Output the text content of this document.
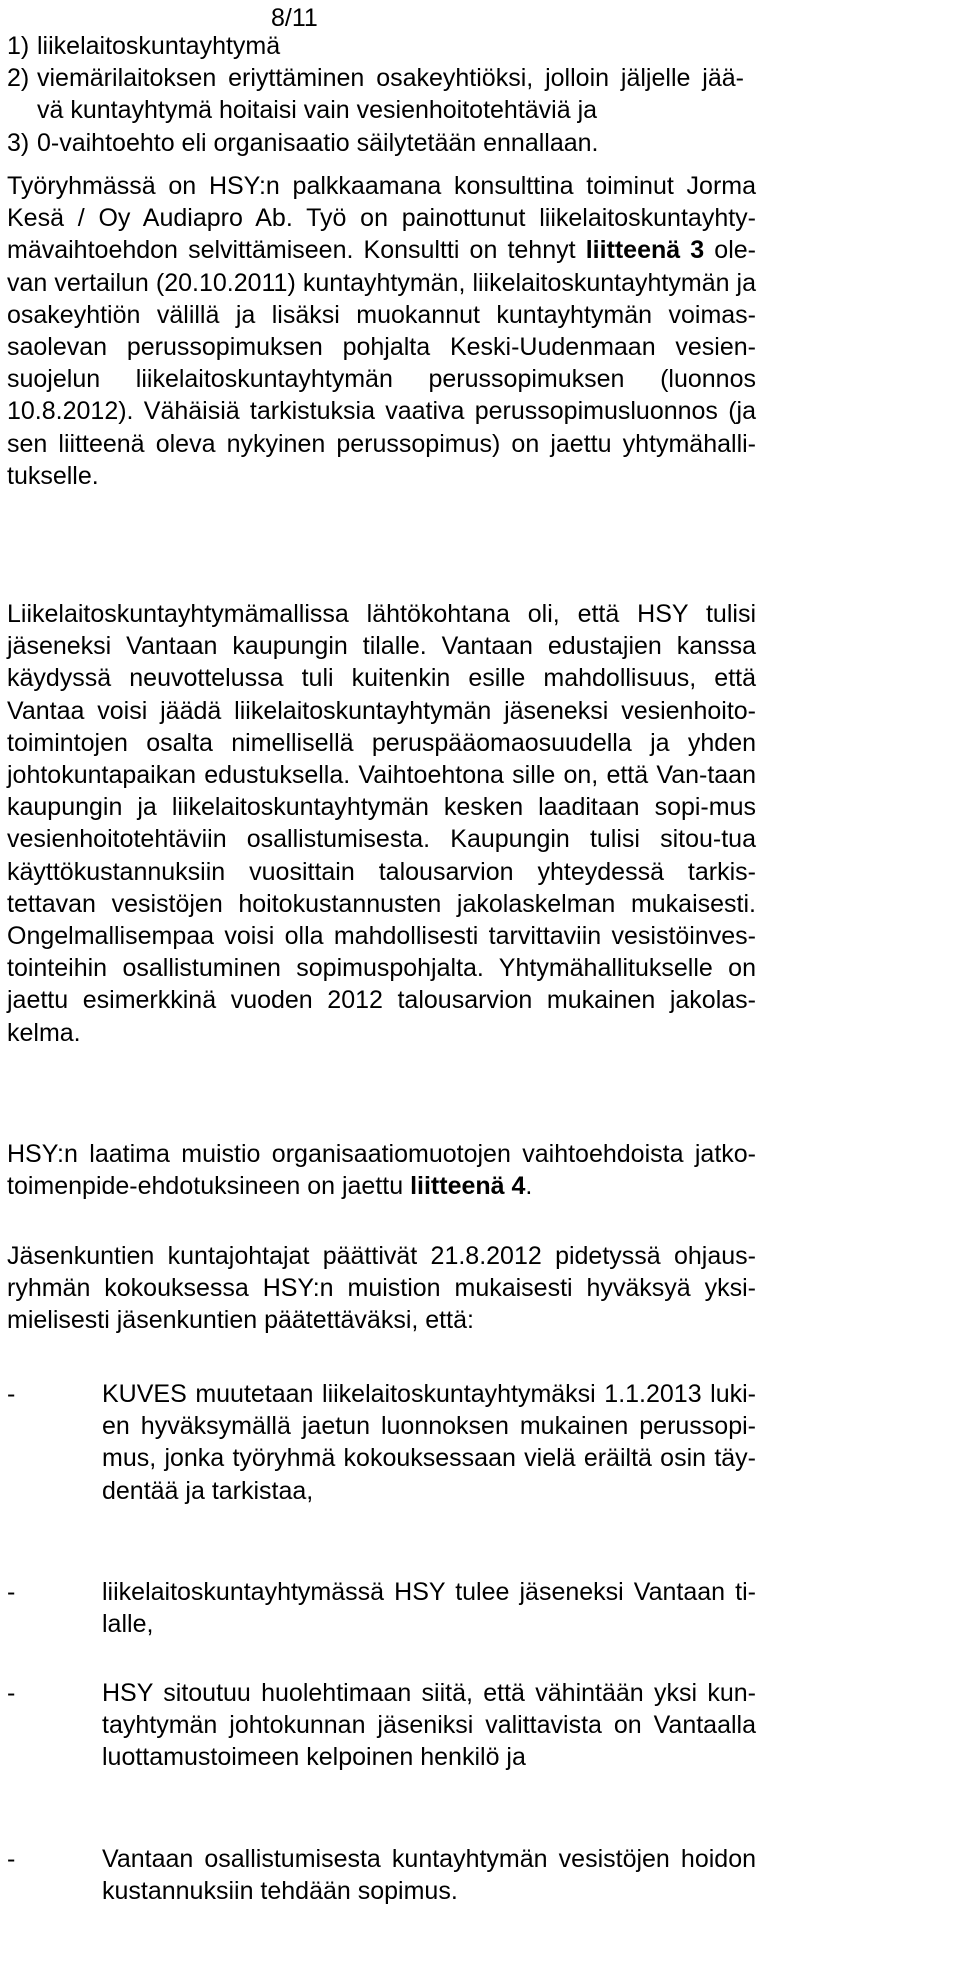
8/11
1) liikelaitoskuntayhtymä
2) viemärilaitoksen eriyttäminen osakeyhtiöksi, jolloin jäljelle jää-vä kuntayhtymä hoitaisi vain vesienhoitotehtäviä ja
3) 0-vaihtoehto eli organisaatio säilytetään ennallaan.

Työryhmässä on HSY:n palkkaamana konsulttina toiminut Jorma Kesä / Oy Audiapro Ab. Työ on painottunut liikelaitoskuntayhty-mävaihtoehdon selvittämiseen. Konsultti on tehnyt liitteenä 3 ole-van vertailun (20.10.2011) kuntayhtymän, liikelaitoskuntayhtymän ja osakeyhtiön välillä ja lisäksi muokannut kuntayhtymän voimas-saolevan perussopimuksen pohjalta Keski-Uudenmaan vesien-suojelun liikelaitoskuntayhtymän perussopimuksen (luonnos 10.8.2012). Vähäisiä tarkistuksia vaativa perussopimusluonnos (ja sen liitteenä oleva nykyinen perussopimus) on jaettu yhtymähalli-tukselle.

Liikelaitoskuntayhtymämallissa lähtökohtana oli, että HSY tulisi jäseneksi Vantaan kaupungin tilalle. Vantaan edustajien kanssa käydyssä neuvottelussa tuli kuitenkin esille mahdollisuus, että Vantaa voisi jäädä liikelaitoskuntayhtymän jäseneksi vesienhoito-toimintojen osalta nimellisellä peruspääomaosuudella ja yhden johtokuntapaikan edustuksella. Vaihtoehtona sille on, että Van-taan kaupungin ja liikelaitoskuntayhtymän kesken laaditaan sopi-mus vesienhoitotehtäviin osallistumisesta. Kaupungin tulisi sitou-tua käyttökustannuksiin vuosittain talousarvion yhteydessä tarkis-tettavan vesistöjen hoitokustannusten jakolaskelman mukaisesti. Ongelmallisempaa voisi olla mahdollisesti tarvittaviin vesistöinves-tointeihin osallistuminen sopimuspohjalta. Yhtymähallitukselle on jaettu esimerkkinä vuoden 2012 talousarvion mukainen jakolas-kelma.

HSY:n laatima muistio organisaatiomuotojen vaihtoehdoista jatko-toimenpide-ehdotuksineen on jaettu liitteenä 4.

Jäsenkuntien kuntajohtajat päättivät 21.8.2012 pidetyssä ohjaus-ryhmän kokouksessa HSY:n muistion mukaisesti hyväksyä yksi-mielisesti jäsenkuntien päätettäväksi, että:

-	KUVES muutetaan liikelaitoskuntayhtymäksi 1.1.2013 luki-en hyväksymällä jaetun luonnoksen mukainen perussopi-mus, jonka työryhmä kokouksessaan vielä eräiltä osin täy-dentää ja tarkistaa,
-	liikelaitoskuntayhtymässä HSY tulee jäseneksi Vantaan ti-lalle,
-	HSY sitoutuu huolehtimaan siitä, että vähintään yksi kun-tayhtymän johtokunnan jäseniksi valittavista on Vantaalla luottamustoimeen kelpoinen henkilö ja
-	Vantaan osallistumisesta kuntayhtymän vesistöjen hoidon kustannuksiin tehdään sopimus.
